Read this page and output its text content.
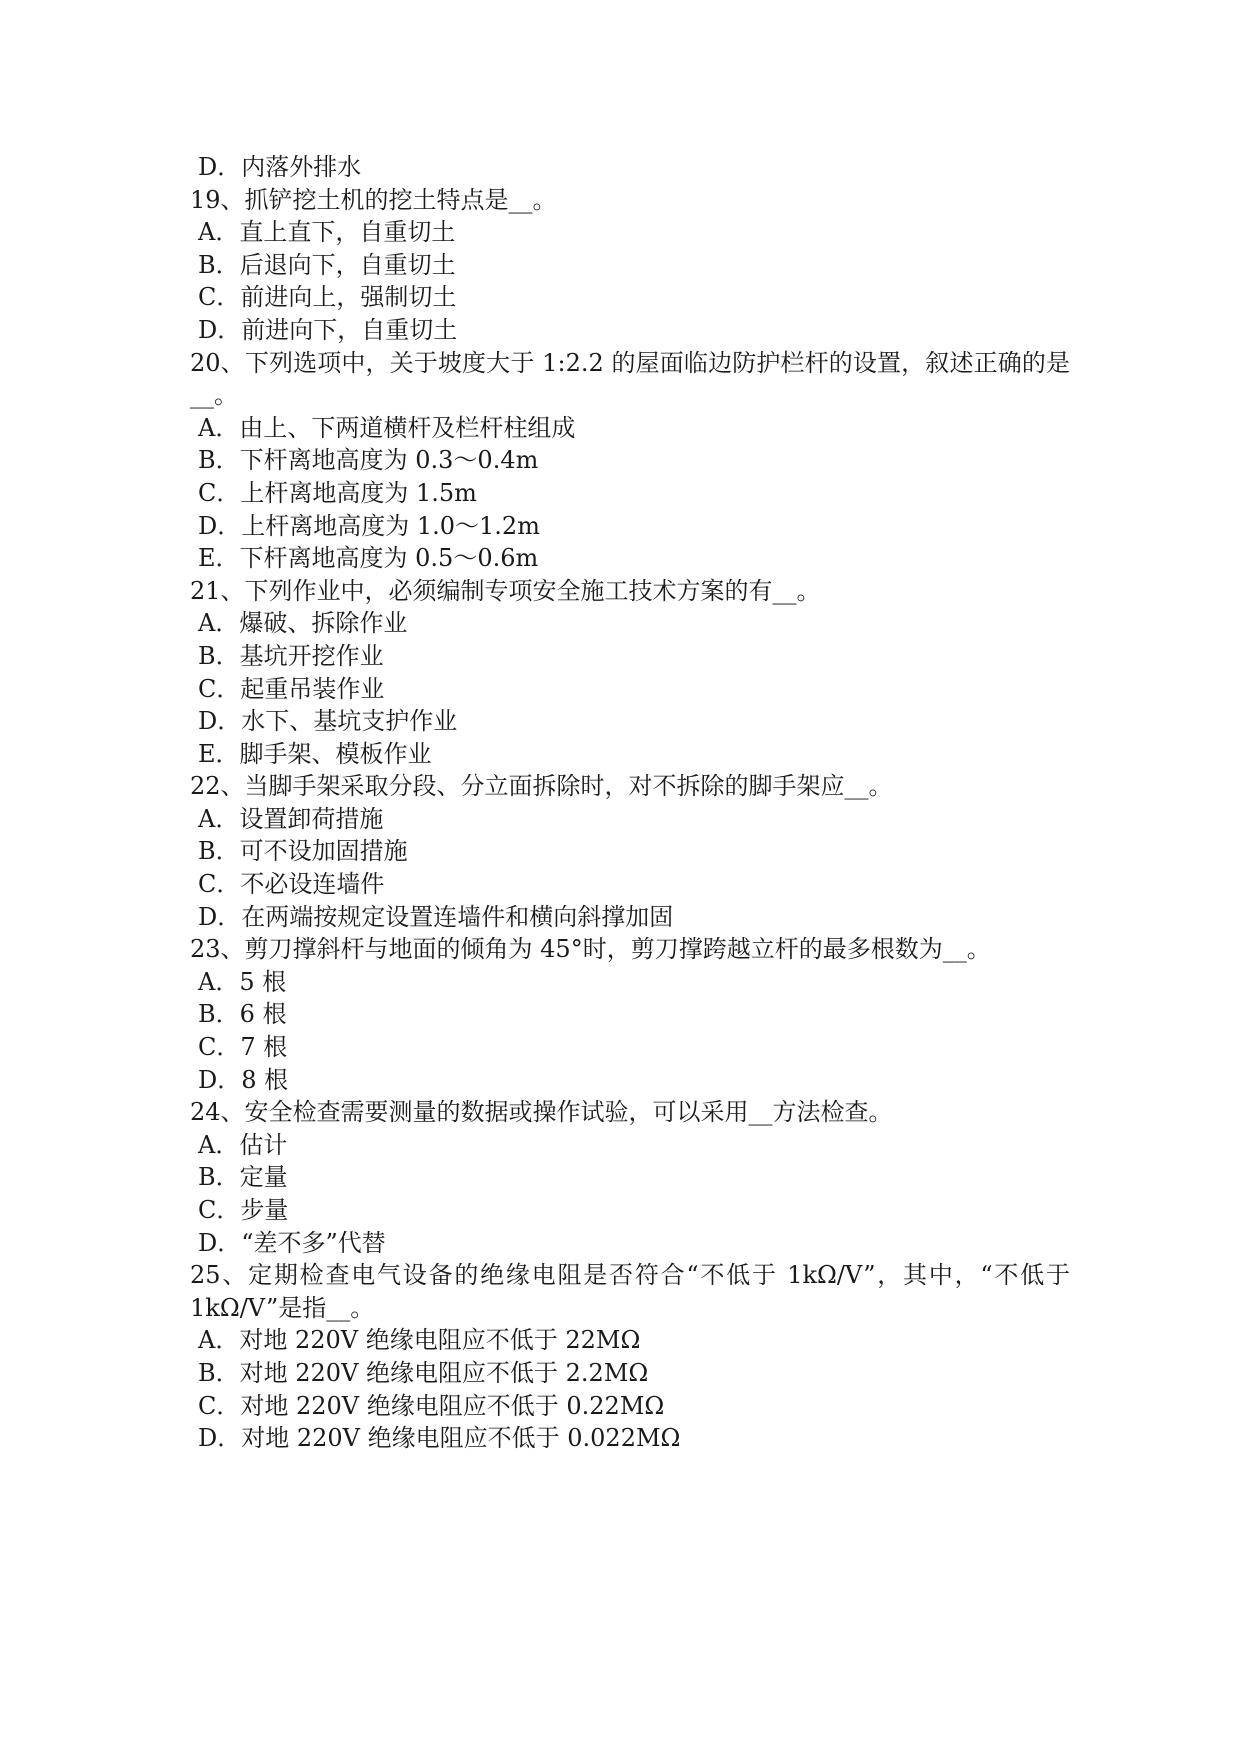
D．内落外排水
19、抓铲挖土机的挖土特点是__。
A．直上直下，自重切土
B．后退向下，自重切土
C．前进向上，强制切土
D．前进向下，自重切土
20、下列选项中，关于坡度大于 1:2.2 的屋面临边防护栏杆的设置，叙述正确的是__。
A．由上、下两道横杆及栏杆柱组成
B．下杆离地高度为 0.3～0.4m
C．上杆离地高度为 1.5m
D．上杆离地高度为 1.0～1.2m
E．下杆离地高度为 0.5～0.6m
21、下列作业中，必须编制专项安全施工技术方案的有__。
A．爆破、拆除作业
B．基坑开挖作业
C．起重吊装作业
D．水下、基坑支护作业
E．脚手架、模板作业
22、当脚手架采取分段、分立面拆除时，对不拆除的脚手架应__。
A．设置卸荷措施
B．可不设加固措施
C．不必设连墙件
D．在两端按规定设置连墙件和横向斜撑加固
23、剪刀撑斜杆与地面的倾角为 45°时，剪刀撑跨越立杆的最多根数为__。
A．5 根
B．6 根
C．7 根
D．8 根
24、安全检查需要测量的数据或操作试验，可以采用__方法检查。
A．估计
B．定量
C．步量
D．“差不多”代替
25、定期检查电气设备的绝缘电阻是否符合“不低于 1kΩ/V”，其中，“不低于 1kΩ/V”是指__。
A．对地 220V 绝缘电阻应不低于 22MΩ
B．对地 220V 绝缘电阻应不低于 2.2MΩ
C．对地 220V 绝缘电阻应不低于 0.22MΩ
D．对地 220V 绝缘电阻应不低于 0.022MΩ
